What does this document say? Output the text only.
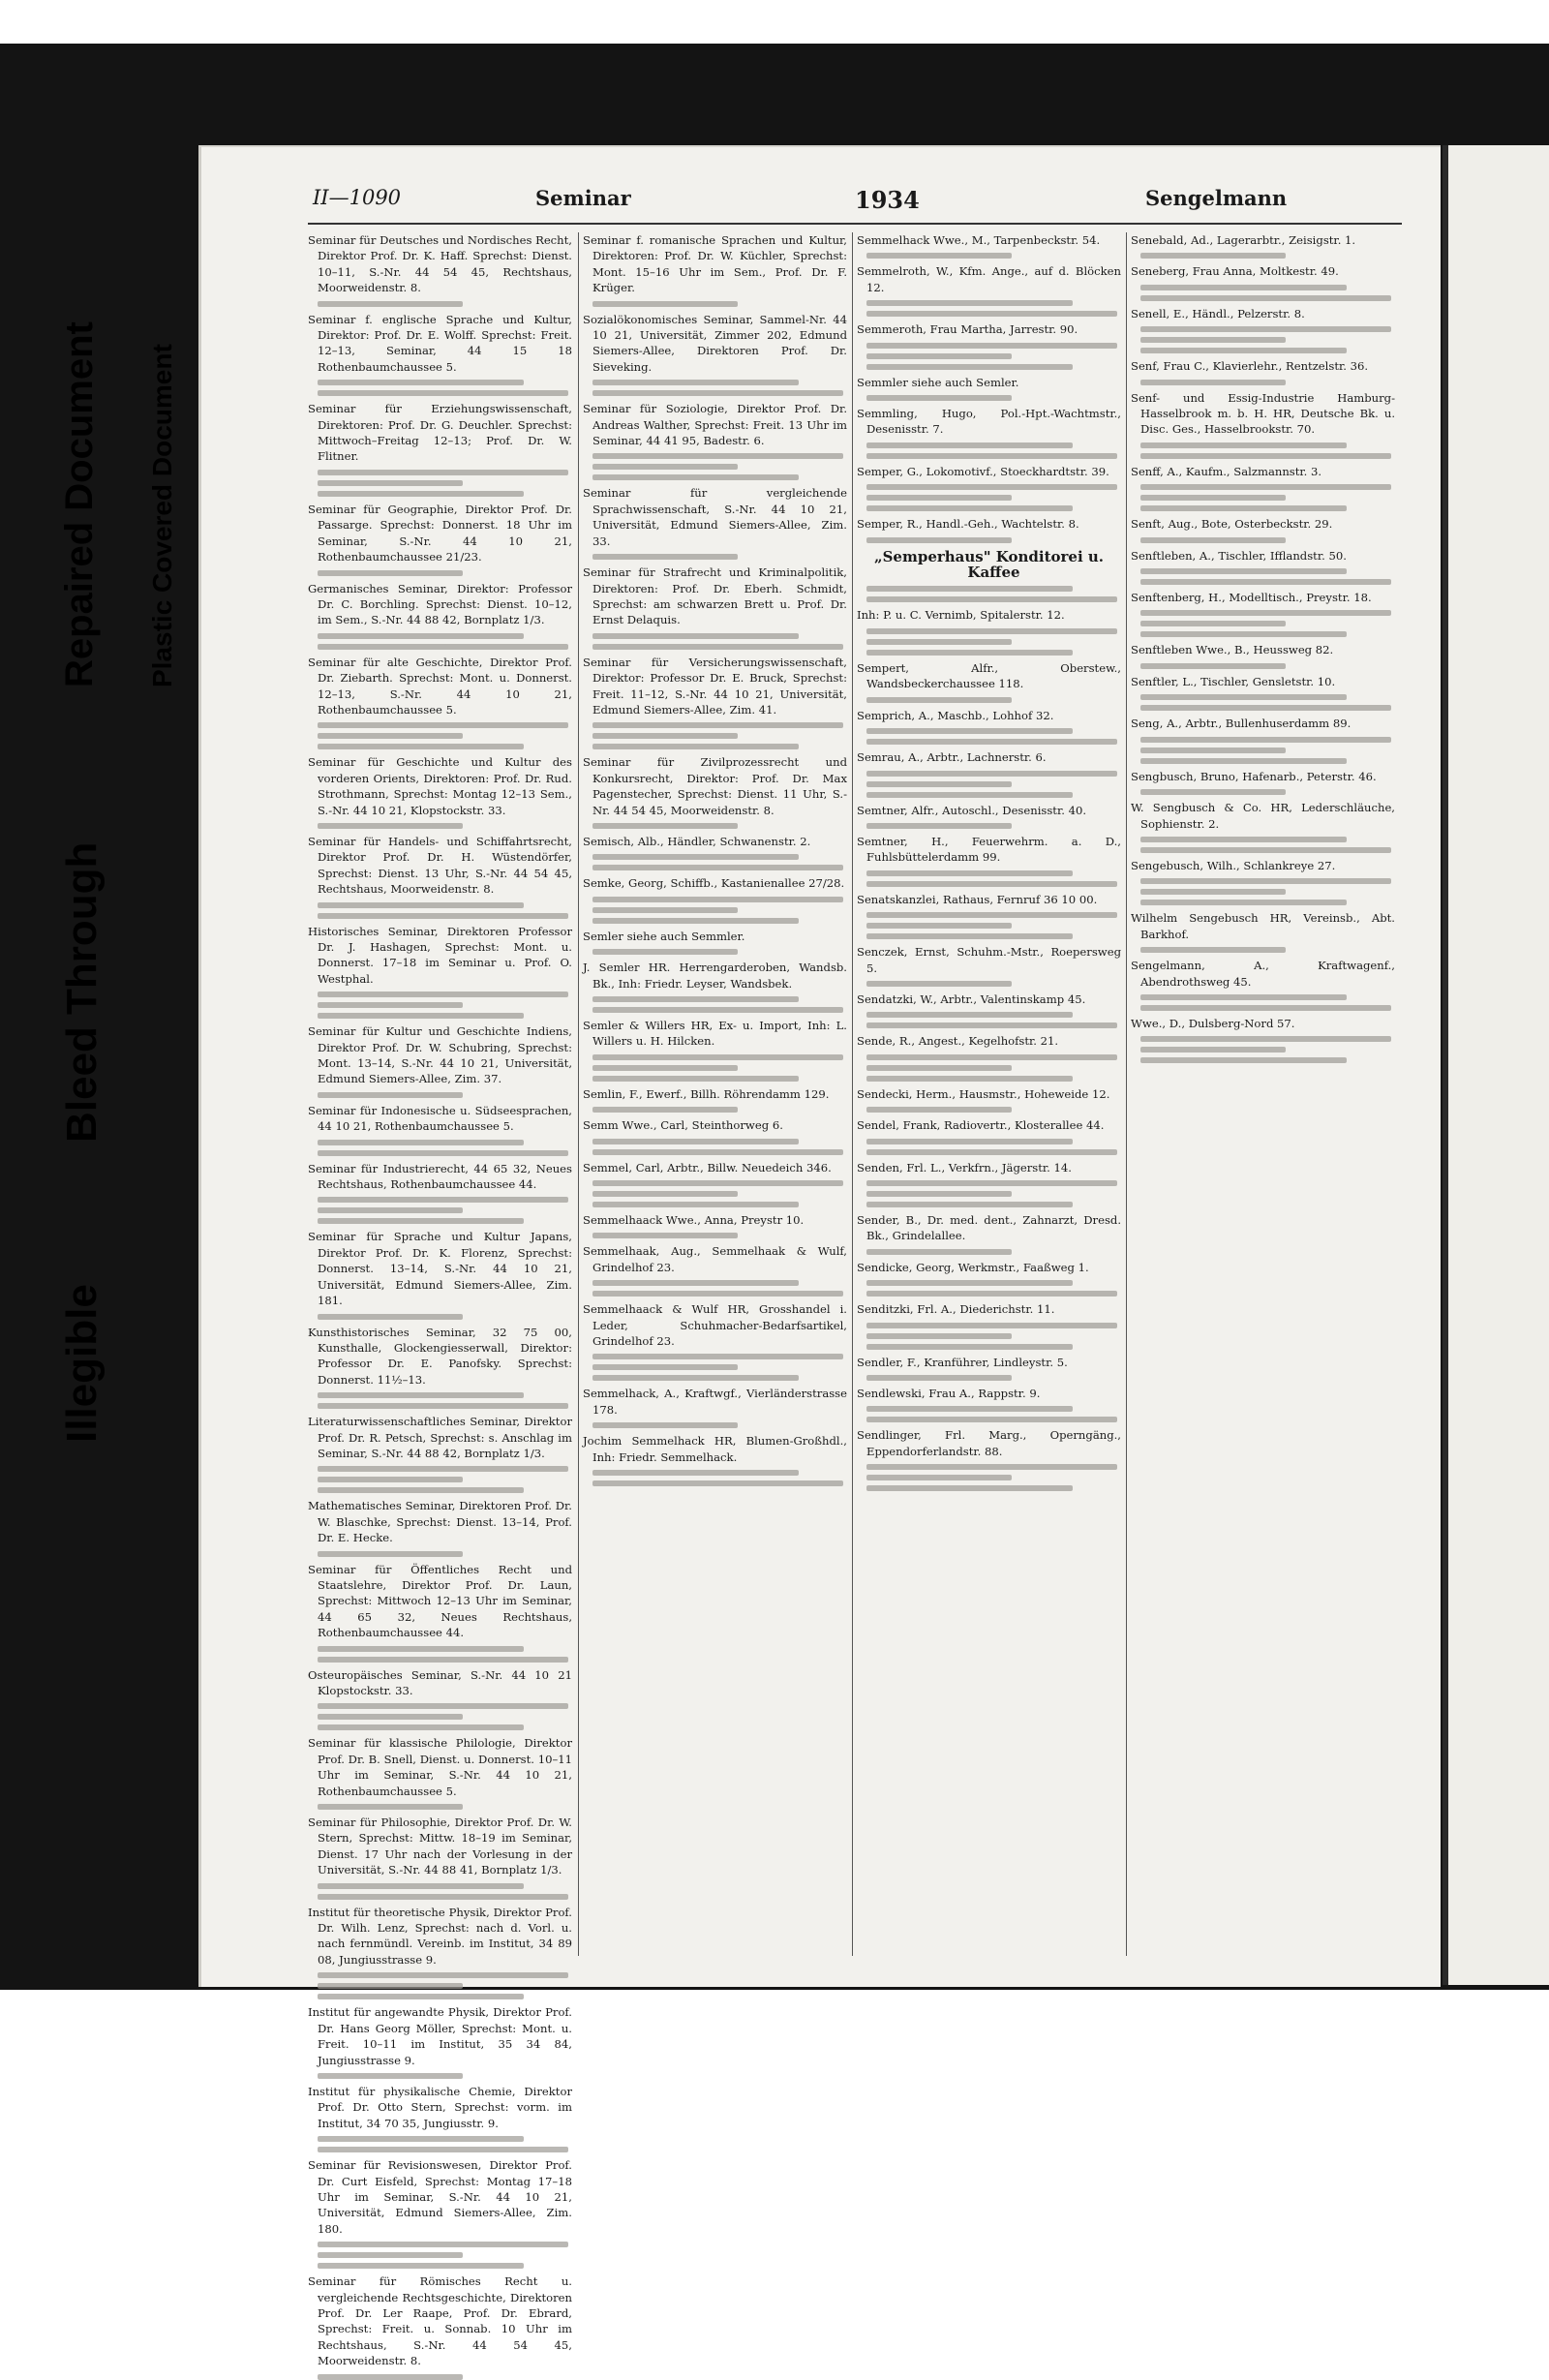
Illegible
Bleed Through
Repaired Document Plastic Covered Document
II—1090	Seminar	1934	Sengelmann

Seminar für Deutsches und Nordisches Recht, Direktor Prof. Dr. K. Haff. Sprechst: Dienst. 10–11, S.-Nr. 44 54 45, Rechtshaus, Moorweidenstr. 8.

Seminar f. englische Sprache und Kultur, Direktor: Prof. Dr. E. Wolff. Sprechst: Freit. 12–13, Seminar, 44 15 18 Rothenbaumchaussee 5.

Seminar für Erziehungswissenschaft, Direktoren: Prof. Dr. G. Deuchler. Sprechst: Mittwoch–Freitag 12–13; Prof. Dr. W. Flitner.

Seminar für Geographie, Direktor Prof. Dr. Passarge. Sprechst: Donnerst. 18 Uhr im Seminar, S.-Nr. 44 10 21, Rothenbaumchaussee 21/23.

Germanisches Seminar, Direktor: Professor Dr. C. Borchling. Sprechst: Dienst. 10–12, im Sem., S.-Nr. 44 88 42, Bornplatz 1/3.

Seminar für alte Geschichte, Direktor Prof. Dr. Ziebarth. Sprechst: Mont. u. Donnerst. 12–13, S.-Nr. 44 10 21, Rothenbaumchaussee 5.

Seminar für Geschichte und Kultur des vorderen Orients, Direktoren: Prof. Dr. Rud. Strothmann, Sprechst: Montag 12–13 Sem., S.-Nr. 44 10 21, Klopstockstr. 33.

Seminar für Handels- und Schiffahrtsrecht, Direktor Prof. Dr. H. Wüstendörfer, Sprechst: Dienst. 13 Uhr, S.-Nr. 44 54 45, Rechtshaus, Moorweidenstr. 8.

Historisches Seminar, Direktoren Professor Dr. J. Hashagen, Sprechst: Mont. u. Donnerst. 17–18 im Seminar u. Prof. O. Westphal.

Seminar für Kultur und Geschichte Indiens, Direktor Prof. Dr. W. Schubring, Sprechst: Mont. 13–14, S.-Nr. 44 10 21, Universität, Edmund Siemers-Allee, Zim. 37.

Seminar für Indonesische u. Südseesprachen, 44 10 21, Rothenbaumchaussee 5.

Seminar für Industrierecht, 44 65 32, Neues Rechtshaus, Rothenbaumchaussee 44.

Seminar für Sprache und Kultur Japans, Direktor Prof. Dr. K. Florenz, Sprechst: Donnerst. 13–14, S.-Nr. 44 10 21, Universität, Edmund Siemers-Allee, Zim. 181.

Kunsthistorisches Seminar, 32 75 00, Kunsthalle, Glockengiesserwall, Direktor: Professor Dr. E. Panofsky. Sprechst: Donnerst. 11½–13.

Literaturwissenschaftliches Seminar, Direktor Prof. Dr. R. Petsch, Sprechst: s. Anschlag im Seminar, S.-Nr. 44 88 42, Bornplatz 1/3.

Mathematisches Seminar, Direktoren Prof. Dr. W. Blaschke, Sprechst: Dienst. 13–14, Prof. Dr. E. Hecke.

Seminar für Öffentliches Recht und Staatslehre, Direktor Prof. Dr. Laun, Sprechst: Mittwoch 12–13 Uhr im Seminar, 44 65 32, Neues Rechtshaus, Rothenbaumchaussee 44.

Osteuropäisches Seminar, S.-Nr. 44 10 21 Klopstockstr. 33.

Seminar für klassische Philologie, Direktor Prof. Dr. B. Snell, Dienst. u. Donnerst. 10–11 Uhr im Seminar, S.-Nr. 44 10 21, Rothenbaumchaussee 5.

Seminar für Philosophie, Direktor Prof. Dr. W. Stern, Sprechst: Mittw. 18–19 im Seminar, Dienst. 17 Uhr nach der Vorlesung in der Universität, S.-Nr. 44 88 41, Bornplatz 1/3.

Institut für theoretische Physik, Direktor Prof. Dr. Wilh. Lenz, Sprechst: nach d. Vorl. u. nach fernmündl. Vereinb. im Institut, 34 89 08, Jungiusstrasse 9.

Institut für angewandte Physik, Direktor Prof. Dr. Hans Georg Möller, Sprechst: Mont. u. Freit. 10–11 im Institut, 35 34 84, Jungiusstrasse 9.

Institut für physikalische Chemie, Direktor Prof. Dr. Otto Stern, Sprechst: vorm. im Institut, 34 70 35, Jungiusstr. 9.

Seminar für Revisionswesen, Direktor Prof. Dr. Curt Eisfeld, Sprechst: Montag 17–18 Uhr im Seminar, S.-Nr. 44 10 21, Universität, Edmund Siemers-Allee, Zim. 180.

Seminar für Römisches Recht u. vergleichende Rechtsgeschichte, Direktoren Prof. Dr. Ler Raape, Prof. Dr. Ebrard, Sprechst: Freit. u. Sonnab. 10 Uhr im Rechtshaus, S.-Nr. 44 54 45, Moorweidenstr. 8.

Seminar f. romanische Sprachen und Kultur, Direktoren: Prof. Dr. W. Küchler, Sprechst: Mont. 15–16 Uhr im Sem., Prof. Dr. F. Krüger.

Sozialökonomisches Seminar, Sammel-Nr. 44 10 21, Universität, Zimmer 202, Edmund Siemers-Allee, Direktoren Prof. Dr. Sieveking.

Seminar für Soziologie, Direktor Prof. Dr. Andreas Walther, Sprechst: Freit. 13 Uhr im Seminar, 44 41 95, Badestr. 6.

Seminar für vergleichende Sprachwissenschaft, S.-Nr. 44 10 21, Universität, Edmund Siemers-Allee, Zim. 33.

Seminar für Strafrecht und Kriminalpolitik, Direktoren: Prof. Dr. Eberh. Schmidt, Sprechst: am schwarzen Brett u. Prof. Dr. Ernst Delaquis.

Seminar für Versicherungswissenschaft, Direktor: Professor Dr. E. Bruck, Sprechst: Freit. 11–12, S.-Nr. 44 10 21, Universität, Edmund Siemers-Allee, Zim. 41.

Seminar für Zivilprozessrecht und Konkursrecht, Direktor: Prof. Dr. Max Pagenstecher, Sprechst: Dienst. 11 Uhr, S.-Nr. 44 54 45, Moorweidenstr. 8.

Semisch, Alb., Händler, Schwanenstr. 2.

Semke, Georg, Schiffb., Kastanienallee 27/28.

Semler siehe auch Semmler.

J. Semler HR. Herrengarderoben, Wandsb. Bk., Inh: Friedr. Leyser, Wandsbek.

Semler & Willers HR, Ex- u. Import, Inh: L. Willers u. H. Hilcken.

Semlin, F., Ewerf., Billh. Röhrendamm 129.

Semm Wwe., Carl, Steinthorweg 6.

Semmel, Carl, Arbtr., Billw. Neuedeich 346.

Semmelhaack Wwe., Anna, Preystr 10.

Semmelhaak, Aug., Semmelhaak & Wulf, Grindelhof 23.

Semmelhaack & Wulf HR, Grosshandel i. Leder, Schuhmacher-Bedarfsartikel, Grindelhof 23.

Semmelhack, A., Kraftwgf., Vierländerstrasse 178.

Jochim Semmelhack HR, Blumen-Großhdl., Inh: Friedr. Semmelhack.

Semmelhack Wwe., M., Tarpenbeckstr. 54.

Semmelroth, W., Kfm. Ange., auf d. Blöcken 12.

Semmeroth, Frau Martha, Jarrestr. 90.

Semmler siehe auch Semler.

Semmling, Hugo, Pol.-Hpt.-Wachtmstr., Desenisstr. 7.

Semper, G., Lokomotivf., Stoeckhardtstr. 39.

Semper, R., Handl.-Geh., Wachtelstr. 8.

„Semperhaus" Konditorei u. Kaffee

Inh: P. u. C. Vernimb, Spitalerstr. 12.

Sempert, Alfr., Oberstew., Wandsbeckerchaussee 118.

Semprich, A., Maschb., Lohhof 32.

Semrau, A., Arbtr., Lachnerstr. 6.

Semtner, Alfr., Autoschl., Desenisstr. 40.

Semtner, H., Feuerwehrm. a. D., Fuhlsbüttelerdamm 99.

Senatskanzlei, Rathaus, Fernruf 36 10 00.

Senczek, Ernst, Schuhm.-Mstr., Roepersweg 5.

Sendatzki, W., Arbtr., Valentinskamp 45.

Sende, R., Angest., Kegelhofstr. 21.

Sendecki, Herm., Hausmstr., Hoheweide 12.

Sendel, Frank, Radiovertr., Klosterallee 44.

Senden, Frl. L., Verkfrn., Jägerstr. 14.

Sender, B., Dr. med. dent., Zahnarzt, Dresd. Bk., Grindelallee.

Sendicke, Georg, Werkmstr., Faaßweg 1.

Senditzki, Frl. A., Diederichstr. 11.

Sendler, F., Kranführer, Lindleystr. 5.

Sendlewski, Frau A., Rappstr. 9.

Sendlinger, Frl. Marg., Operngäng., Eppendorferlandstr. 88.

Senebald, Ad., Lagerarbtr., Zeisigstr. 1.

Seneberg, Frau Anna, Moltkestr. 49.

Senell, E., Händl., Pelzerstr. 8.

Senf, Frau C., Klavierlehr., Rentzelstr. 36.

Senf- und Essig-Industrie Hamburg-Hasselbrook m. b. H. HR, Deutsche Bk. u. Disc. Ges., Hasselbrookstr. 70.

Senff, A., Kaufm., Salzmannstr. 3.

Senft, Aug., Bote, Osterbeckstr. 29.

Senftleben, A., Tischler, Ifflandstr. 50.

Senftenberg, H., Modelltisch., Preystr. 18.

Senftleben Wwe., B., Heussweg 82.

Senftler, L., Tischler, Gensletstr. 10.

Seng, A., Arbtr., Bullenhuserdamm 89.

Sengbusch, Bruno, Hafenarb., Peterstr. 46.

W. Sengbusch & Co. HR, Lederschläuche, Sophienstr. 2.

Sengebusch, Wilh., Schlankreye 27.

Wilhelm Sengebusch HR, Vereinsb., Abt. Barkhof.

Sengelmann, A., Kraftwagenf., Abendrothsweg 45.

Wwe., D., Dulsberg-Nord 57.
